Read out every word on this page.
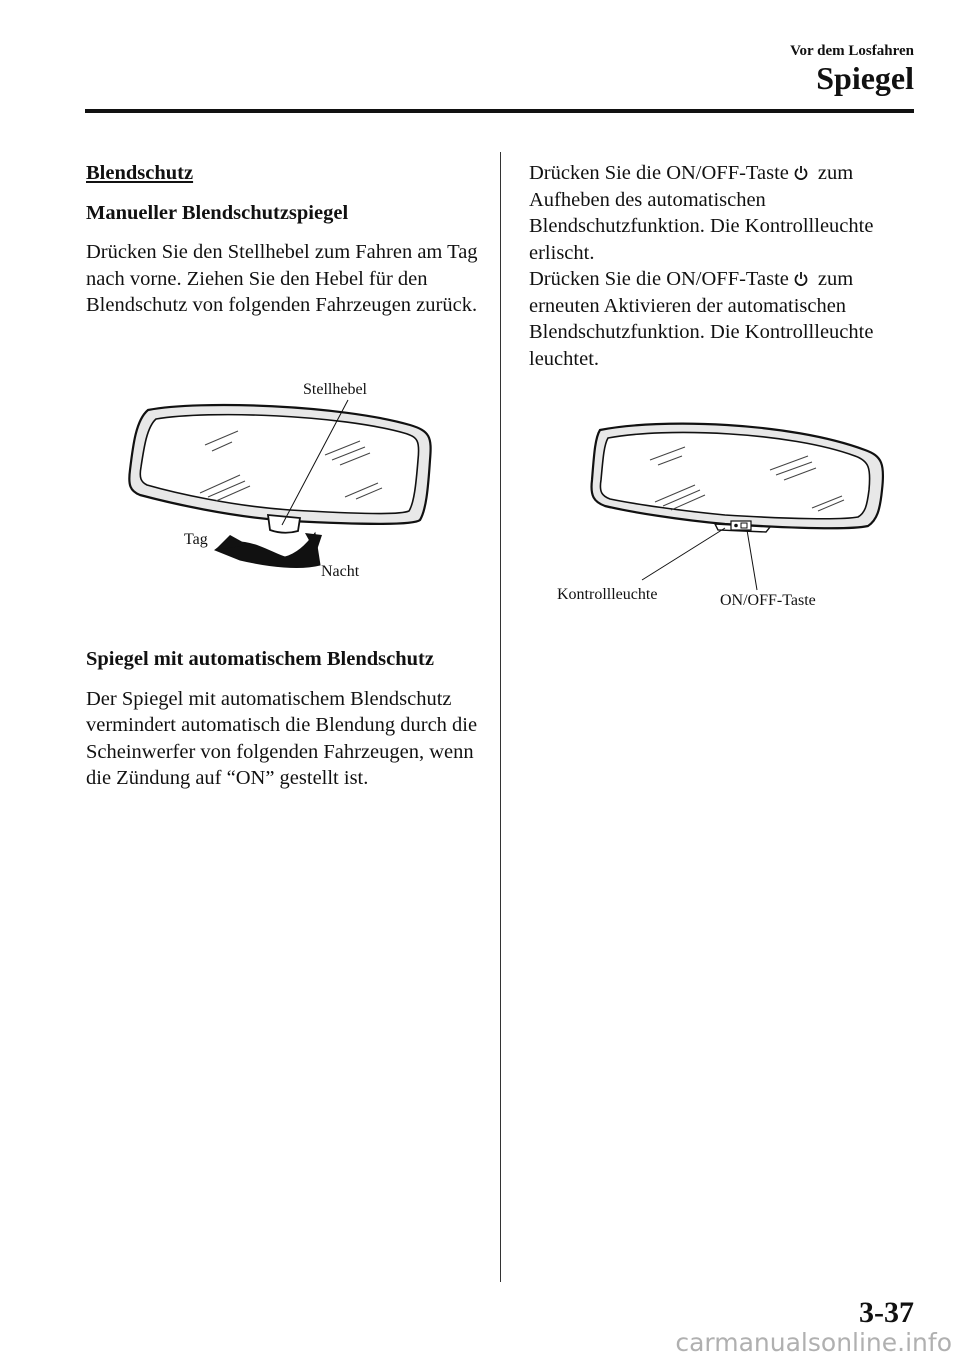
Vor dem Losfahren
Spiegel

Blendschutz

Manueller Blendschutzspiegel

Drücken Sie den Stellhebel zum Fahren am Tag nach vorne. Ziehen Sie den Hebel für den Blendschutz von folgenden Fahrzeugen zurück.

Spiegel mit automatischem Blendschutz

Der Spiegel mit automatischem Blendschutz vermindert automatisch die Blendung durch die Scheinwerfer von folgenden Fahrzeugen, wenn die Zündung auf “ON” gestellt ist.

Stellhebel
Tag
Nacht

Drücken Sie die ON/OFF-Taste zum Aufheben des automatischen Blendschutzfunktion. Die Kontrollleuchte erlischt.

Drücken Sie die ON/OFF-Taste zum erneuten Aktivieren der automatischen Blendschutzfunktion. Die Kontrollleuchte leuchtet.

Kontrollleuchte	ON/OFF-Taste
3-37
carmanualsonline.info
